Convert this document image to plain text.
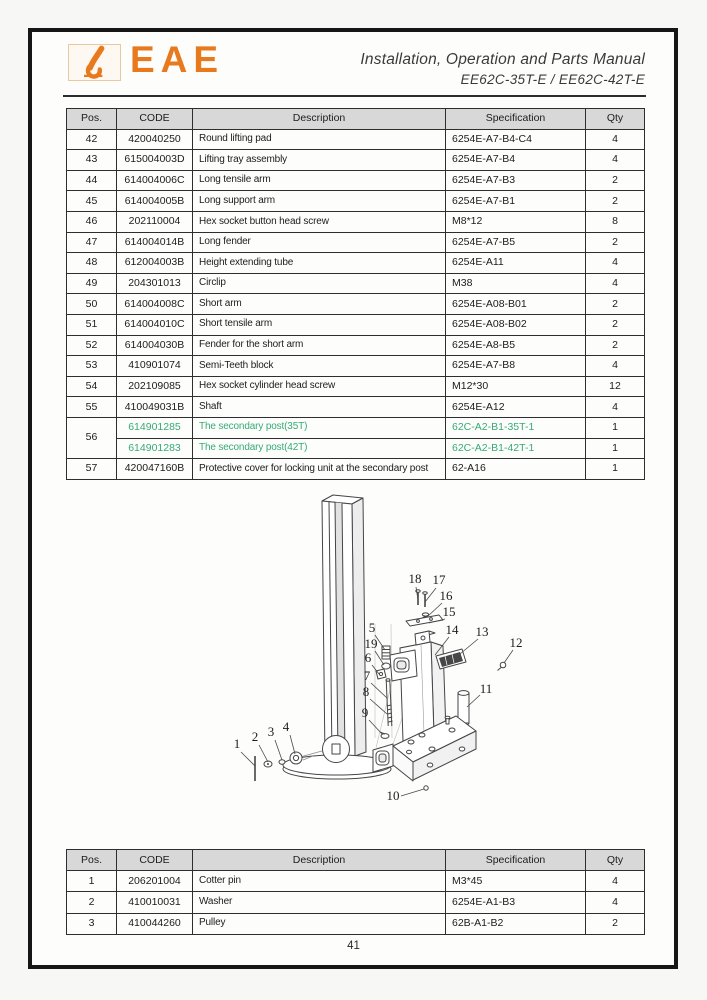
EAE	Installation, Operation and Parts Manual
EE62C-35T-E / EE62C-42T-E
Pos.	CODE	Description	Specification	Qty
42	420040250	Round lifting pad	6254E-A7-B4-C4	4
43	615004003D	Lifting tray assembly	6254E-A7-B4	4
44	614004006C	Long tensile arm	6254E-A7-B3	2
45	614004005B	Long support arm	6254E-A7-B1	2
46	202110004	Hex socket button head screw	M8*12	8
47	614004014B	Long fender	6254E-A7-B5	2
48	612004003B	Height extending tube	6254E-A11	4
49	204301013	Circlip	M38	4
50	614004008C	Short arm	6254E-A08-B01	2
51	614004010C	Short tensile arm	6254E-A08-B02	2
52	614004030B	Fender for the short arm	6254E-A8-B5	2
53	410901074	Semi-Teeth block	6254E-A7-B8	4
54	202109085	Hex socket cylinder head screw	M12*30	12
55	410049031B	Shaft	6254E-A12	4
56	614901285	The secondary post(35T)	62C-A2-B1-35T-1	1
	614901283	The secondary post(42T)	62C-A2-B1-42T-1	1
57	420047160B	Protective cover for locking unit at the secondary post	62-A16	1
1 2 3 4
5
6
7
8
9
10
11
12
13
14
15
16
17
18
19
Pos.	CODE	Description	Specification	Qty
1	206201004	Cotter pin	M3*45	4
2	410010031	Washer	6254E-A1-B3	4
3	410044260	Pulley	62B-A1-B2	2
41
